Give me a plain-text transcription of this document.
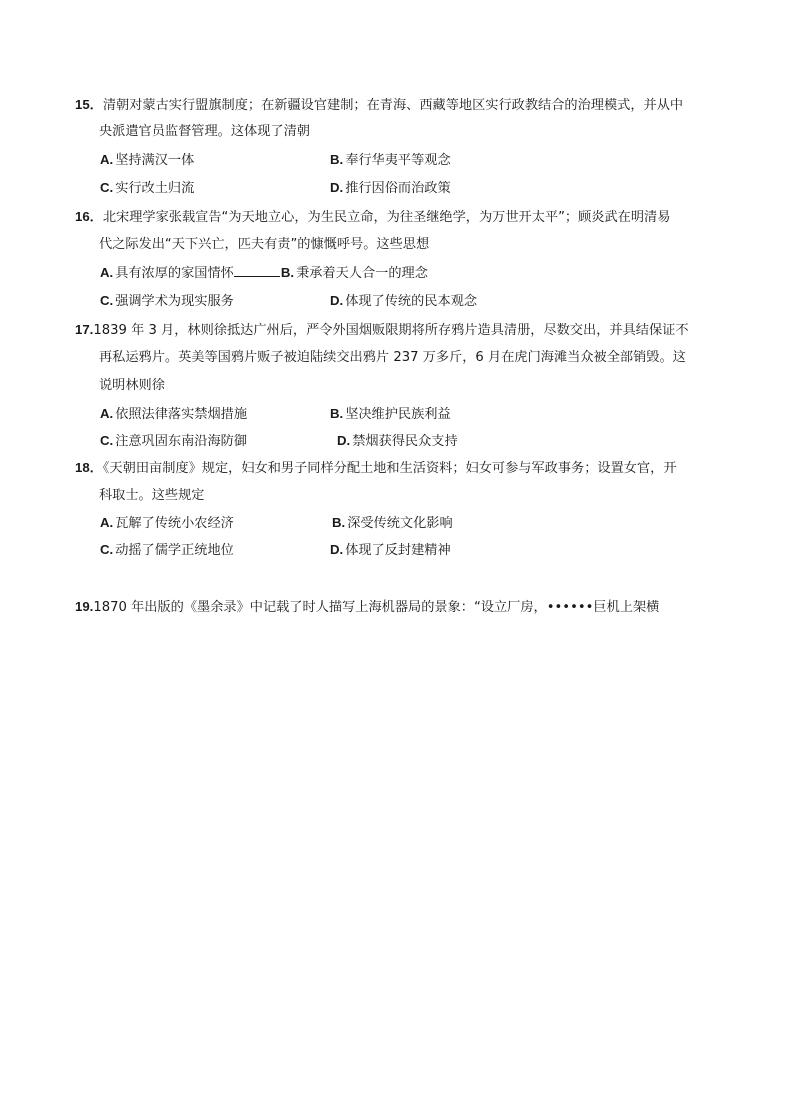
15．清朝对蒙古实行盟旗制度；在新疆设官建制；在青海、西藏等地区实行政教结合的治理模式，并从中
央派遣官员监督管理。这体现了清朝
A. 坚持满汉一体	B. 奉行华夷平等观念
C. 实行改土归流	D. 推行因俗而治政策
16．北宋理学家张载宣告“为天地立心，为生民立命，为往圣继绝学，为万世开太平”；顾炎武在明清易
代之际发出“天下兴亡，匹夫有责”的慷慨呼号。这些思想
A. 具有浓厚的家国情怀	B. 秉承着天人合一的理念
C. 强调学术为现实服务	D. 体现了传统的民本观念
17.1839 年 3 月，林则徐抵达广州后，严令外国烟贩限期将所存鸦片造具清册，尽数交出，并具结保证不
再私运鸦片。英美等国鸦片贩子被迫陆续交出鸦片 237 万多斤，6 月在虎门海滩当众被全部销毁。这
说明林则徐
A. 依照法律落实禁烟措施	B. 坚决维护民族利益
C. 注意巩固东南沿海防御	D. 禁烟获得民众支持
18．《天朝田亩制度》规定，妇女和男子同样分配土地和生活资料；妇女可参与军政事务；设置女官，开
科取士。这些规定
A. 瓦解了传统小农经济	B. 深受传统文化影响
C. 动摇了儒学正统地位	D. 体现了反封建精神
19.1870 年出版的《墨余录》中记载了时人描写上海机器局的景象：“设立厂房，••••••巨机上架横
